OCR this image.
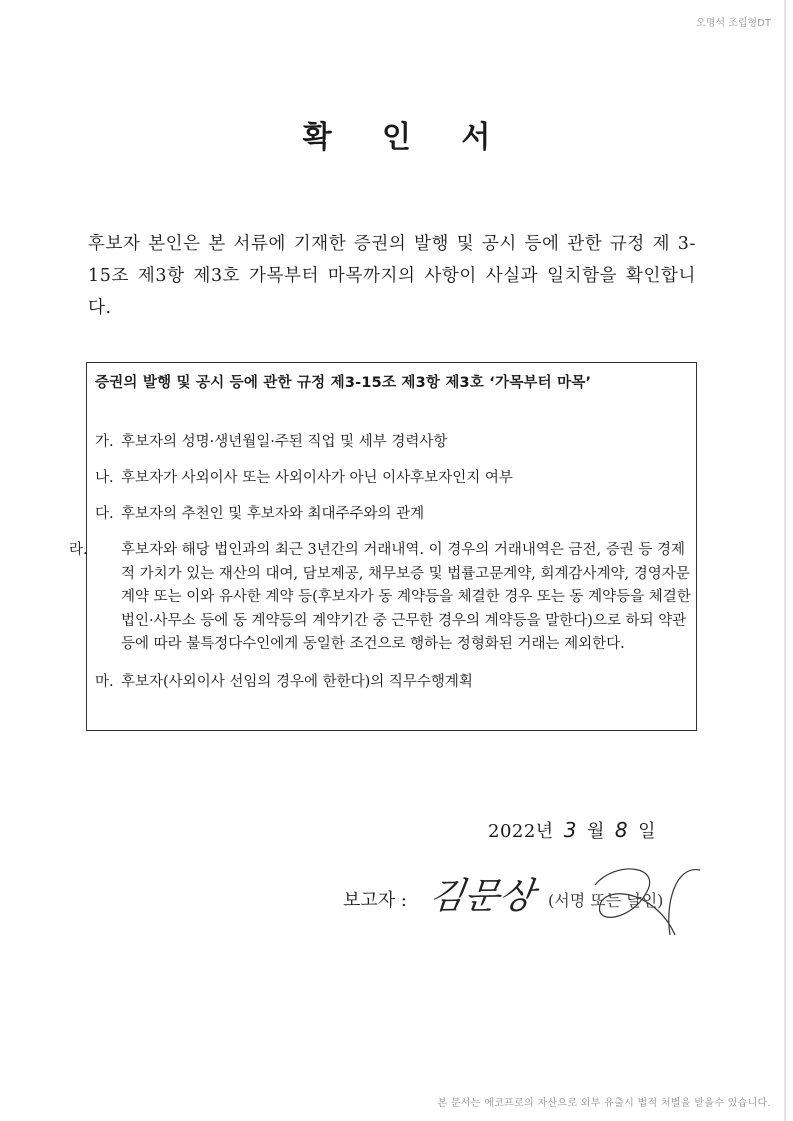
오명석 조립형DT
확 인 서
후보자 본인은 본 서류에 기재한 증권의 발행 및 공시 등에 관한 규정 제 3-15조 제3항 제3호 가목부터 마목까지의 사항이 사실과 일치함을 확인합니다.
증권의 발행 및 공시 등에 관한 규정 제3-15조 제3항 제3호 ‘가목부터 마목’
가. 후보자의 성명·생년월일·주된 직업 및 세부 경력사항
나. 후보자가 사외이사 또는 사외이사가 아닌 이사후보자인지 여부
다. 후보자의 추천인 및 후보자와 최대주주와의 관계
라. 후보자와 해당 법인과의 최근 3년간의 거래내역. 이 경우의 거래내역은 금전, 증권 등 경제적 가치가 있는 재산의 대여, 담보제공, 채무보증 및 법률고문계약, 회계감사계약, 경영자문계약 또는 이와 유사한 계약 등(후보자가 동 계약등을 체결한 경우 또는 동 계약등을 체결한 법인·사무소 등에 동 계약등의 계약기간 중 근무한 경우의 계약등을 말한다)으로 하되 약관 등에 따라 불특정다수인에게 동일한 조건으로 행하는 정형화된 거래는 제외한다.
마. 후보자(사외이사 선임의 경우에 한한다)의 직무수행계획
2022년 3 월 8 일
보고자 : 김문상 (서명 또는 날인)
본 문서는 에코프로의 자산으로 외부 유출시 법적 처벌을 받을수 있습니다.
